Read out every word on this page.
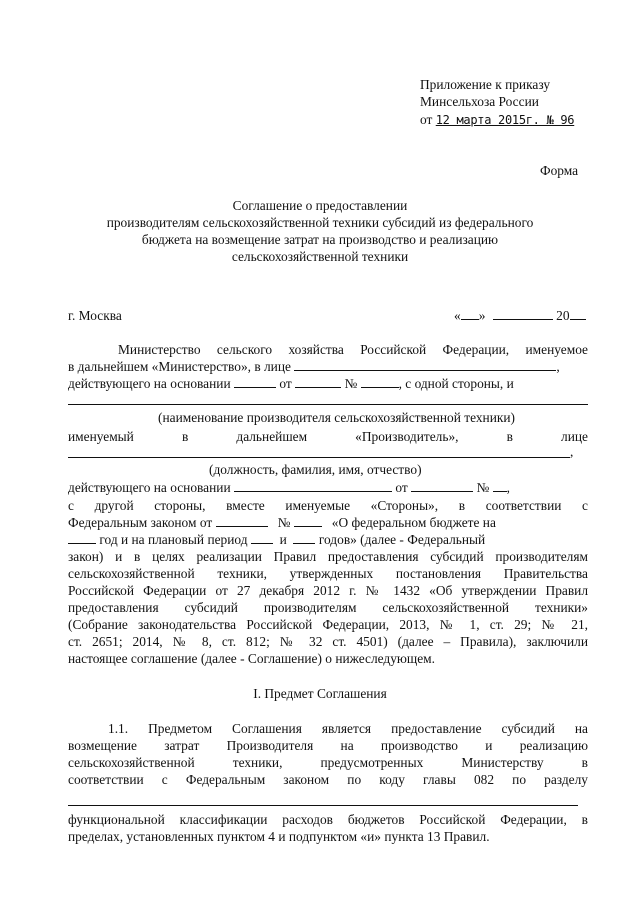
Приложение к приказу
Минсельхоза России
от 12 марта 2015г. № 96
Форма
Соглашение о предоставлении
производителям сельскохозяйственной техники субсидий из федерального
бюджета на возмещение затрат на производство и реализацию
сельскохозяйственной техники
г. Москва	« »	20
Министерство сельского хозяйства Российской Федерации, именуемое
в дальнейшем «Министерство», в лице	,
действующего на основании	от	№	, с одной стороны, и
(наименование производителя сельскохозяйственной техники)
именуемый	в	дальнейшем	«Производитель»,	в	лице
,
(должность, фамилия, имя, отчество)
действующего на основании	от	№ ,
с другой стороны, вместе именуемые «Стороны», в соответствии с
Федеральным законом от	№	«О федеральном бюджете на
год и на плановый период и годов» (далее - Федеральный
закон) и в целях реализации Правил предоставления субсидий производителям
сельскохозяйственной техники, утвержденных постановления Правительства
Российской Федерации от 27 декабря 2012 г. № 1432 «Об утверждении Правил
предоставления субсидий производителям сельскохозяйственной техники»
(Собрание законодательства Российской Федерации, 2013, № 1, ст. 29; № 21,
ст. 2651; 2014, № 8, ст. 812; № 32 ст. 4501) (далее – Правила), заключили
настоящее соглашение (далее - Соглашение) о нижеследующем.
I. Предмет Соглашения
1.1. Предметом Соглашения является предоставление субсидий на
возмещение затрат Производителя на производство и реализацию
сельскохозяйственной техники, предусмотренных Министерству в
соответствии с Федеральным законом по коду главы 082 по разделу
функциональной классификации расходов бюджетов Российской Федерации, в
пределах, установленных пунктом 4 и подпунктом «и» пункта 13 Правил.
